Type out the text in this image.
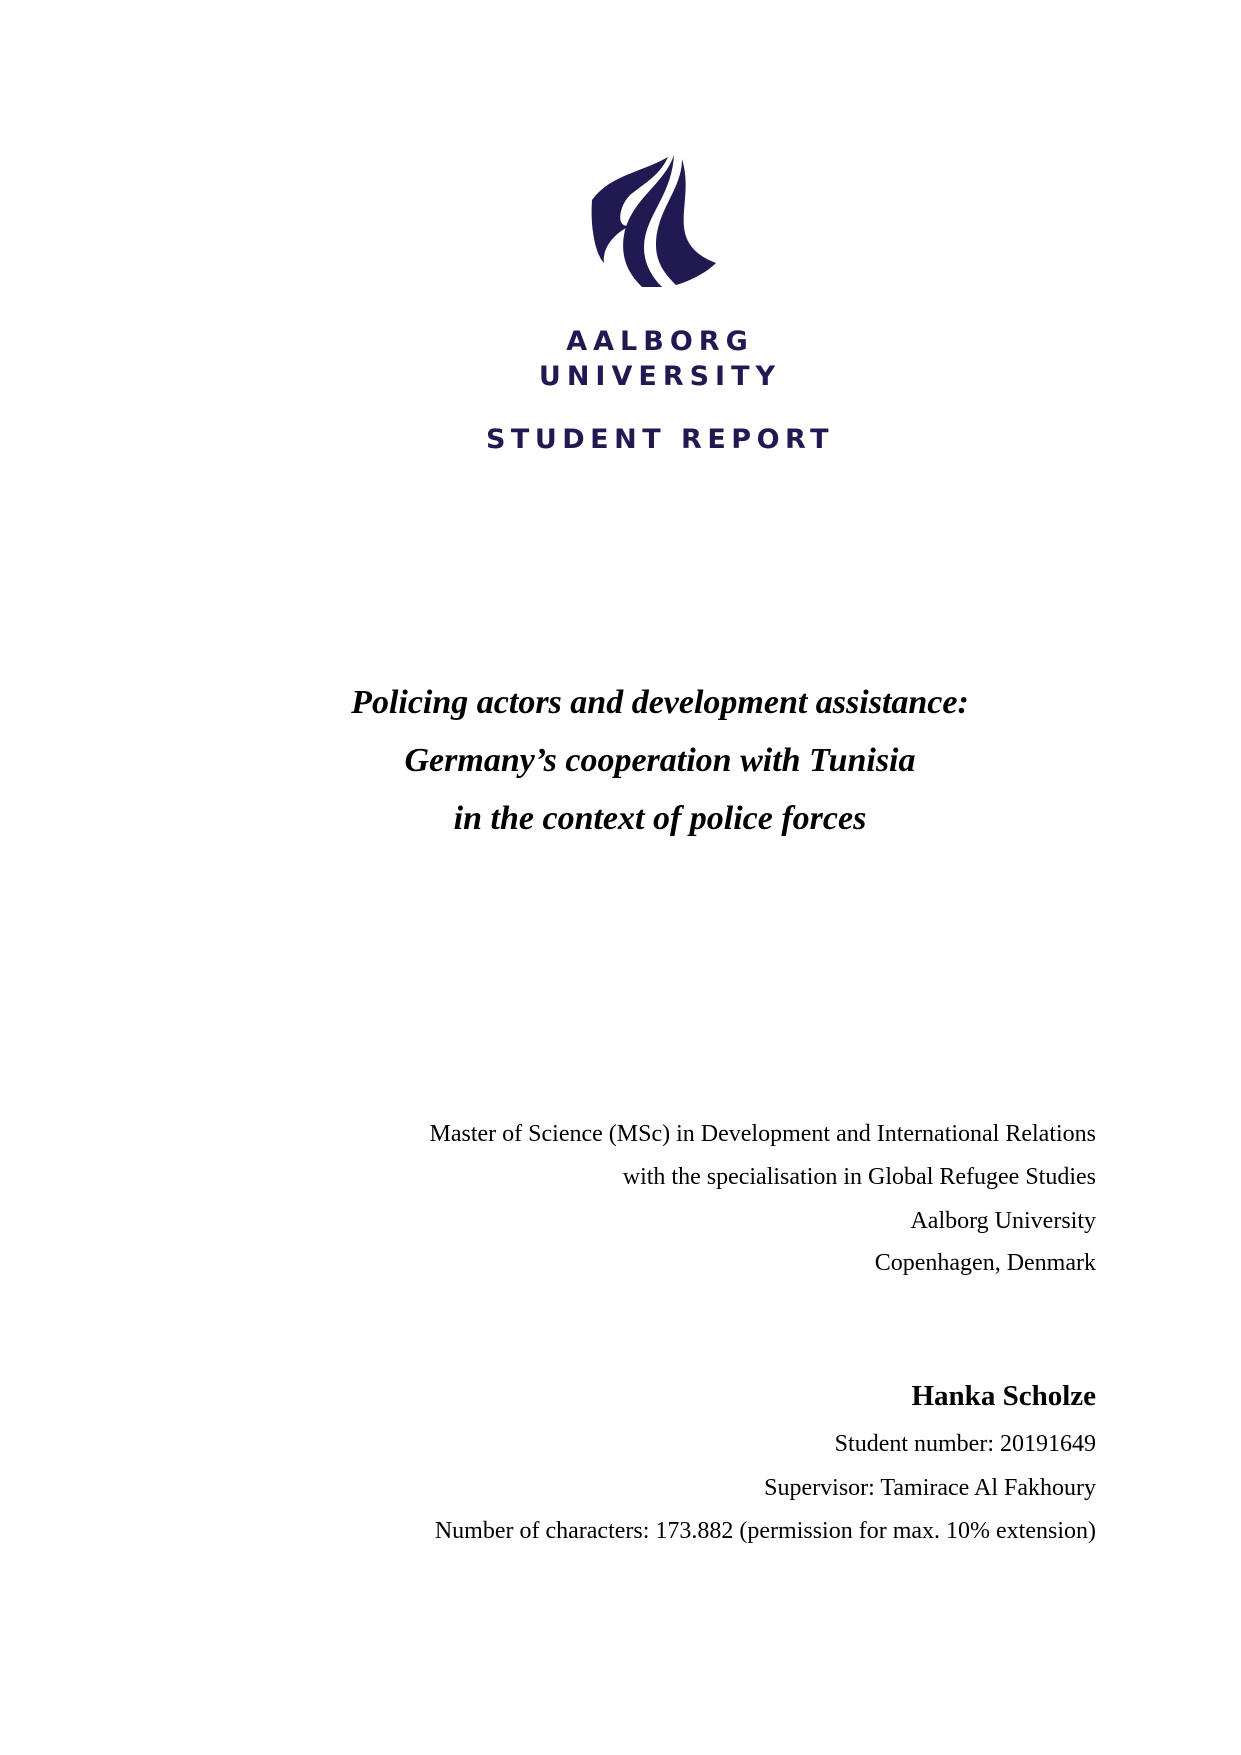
AALBORG
UNIVERSITY
STUDENT REPORT
Policing actors and development assistance:
Germany’s cooperation with Tunisia
in the context of police forces
Master of Science (MSc) in Development and International Relations
with the specialisation in Global Refugee Studies
Aalborg University
Copenhagen, Denmark
Hanka Scholze
Student number: 20191649
Supervisor: Tamirace Al Fakhoury
Number of characters: 173.882 (permission for max. 10% extension)
